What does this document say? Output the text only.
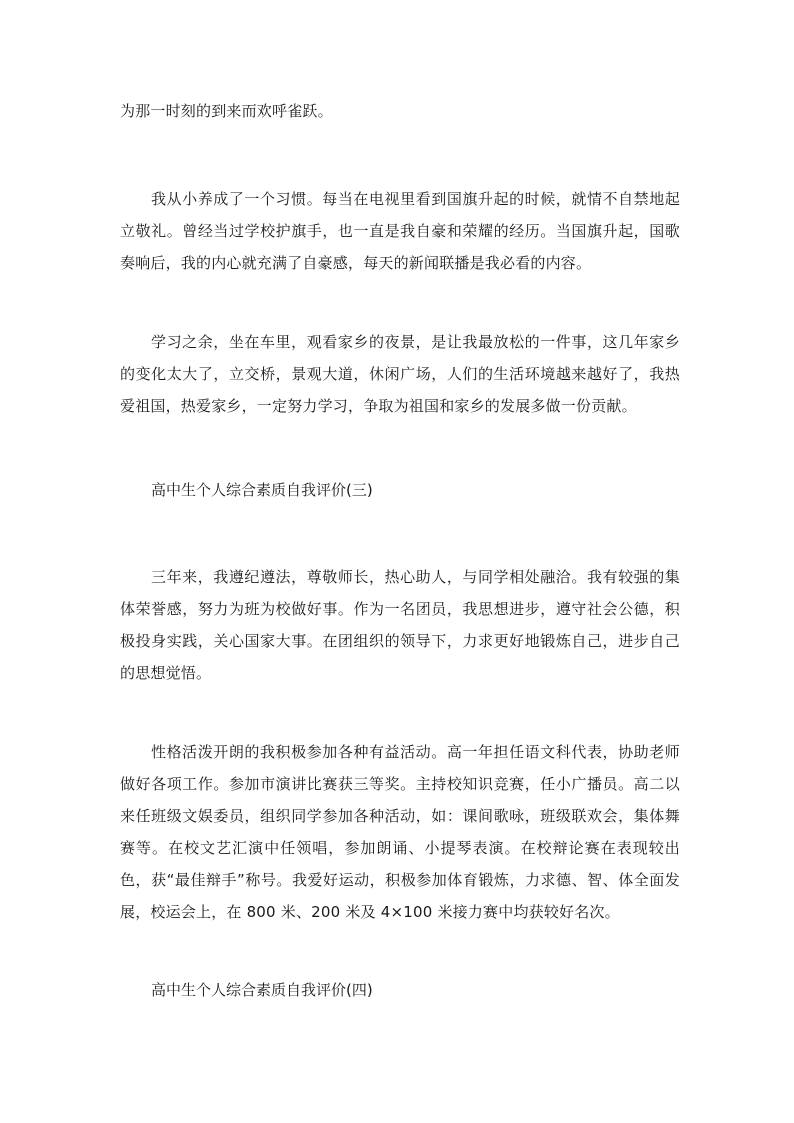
为那一时刻的到来而欢呼雀跃。

我从小养成了一个习惯。每当在电视里看到国旗升起的时候，就情不自禁地起立敬礼。曾经当过学校护旗手，也一直是我自豪和荣耀的经历。当国旗升起，国歌奏响后，我的内心就充满了自豪感，每天的新闻联播是我必看的内容。

学习之余，坐在车里，观看家乡的夜景，是让我最放松的一件事，这几年家乡的变化太大了，立交桥，景观大道，休闲广场，人们的生活环境越来越好了，我热爱祖国，热爱家乡，一定努力学习，争取为祖国和家乡的发展多做一份贡献。

高中生个人综合素质自我评价(三)

三年来，我遵纪遵法，尊敬师长，热心助人，与同学相处融洽。我有较强的集体荣誉感，努力为班为校做好事。作为一名团员，我思想进步，遵守社会公德，积极投身实践，关心国家大事。在团组织的领导下，力求更好地锻炼自己，进步自己的思想觉悟。

性格活泼开朗的我积极参加各种有益活动。高一年担任语文科代表，协助老师做好各项工作。参加市演讲比赛获三等奖。主持校知识竞赛，任小广播员。高二以来任班级文娱委员，组织同学参加各种活动，如：课间歌咏，班级联欢会，集体舞赛等。在校文艺汇演中任领唱，参加朗诵、小提琴表演。在校辩论赛在表现较出色，获“最佳辩手”称号。我爱好运动，积极参加体育锻炼，力求德、智、体全面发展，校运会上，在 800 米、200 米及 4×100 米接力赛中均获较好名次。

高中生个人综合素质自我评价(四)
